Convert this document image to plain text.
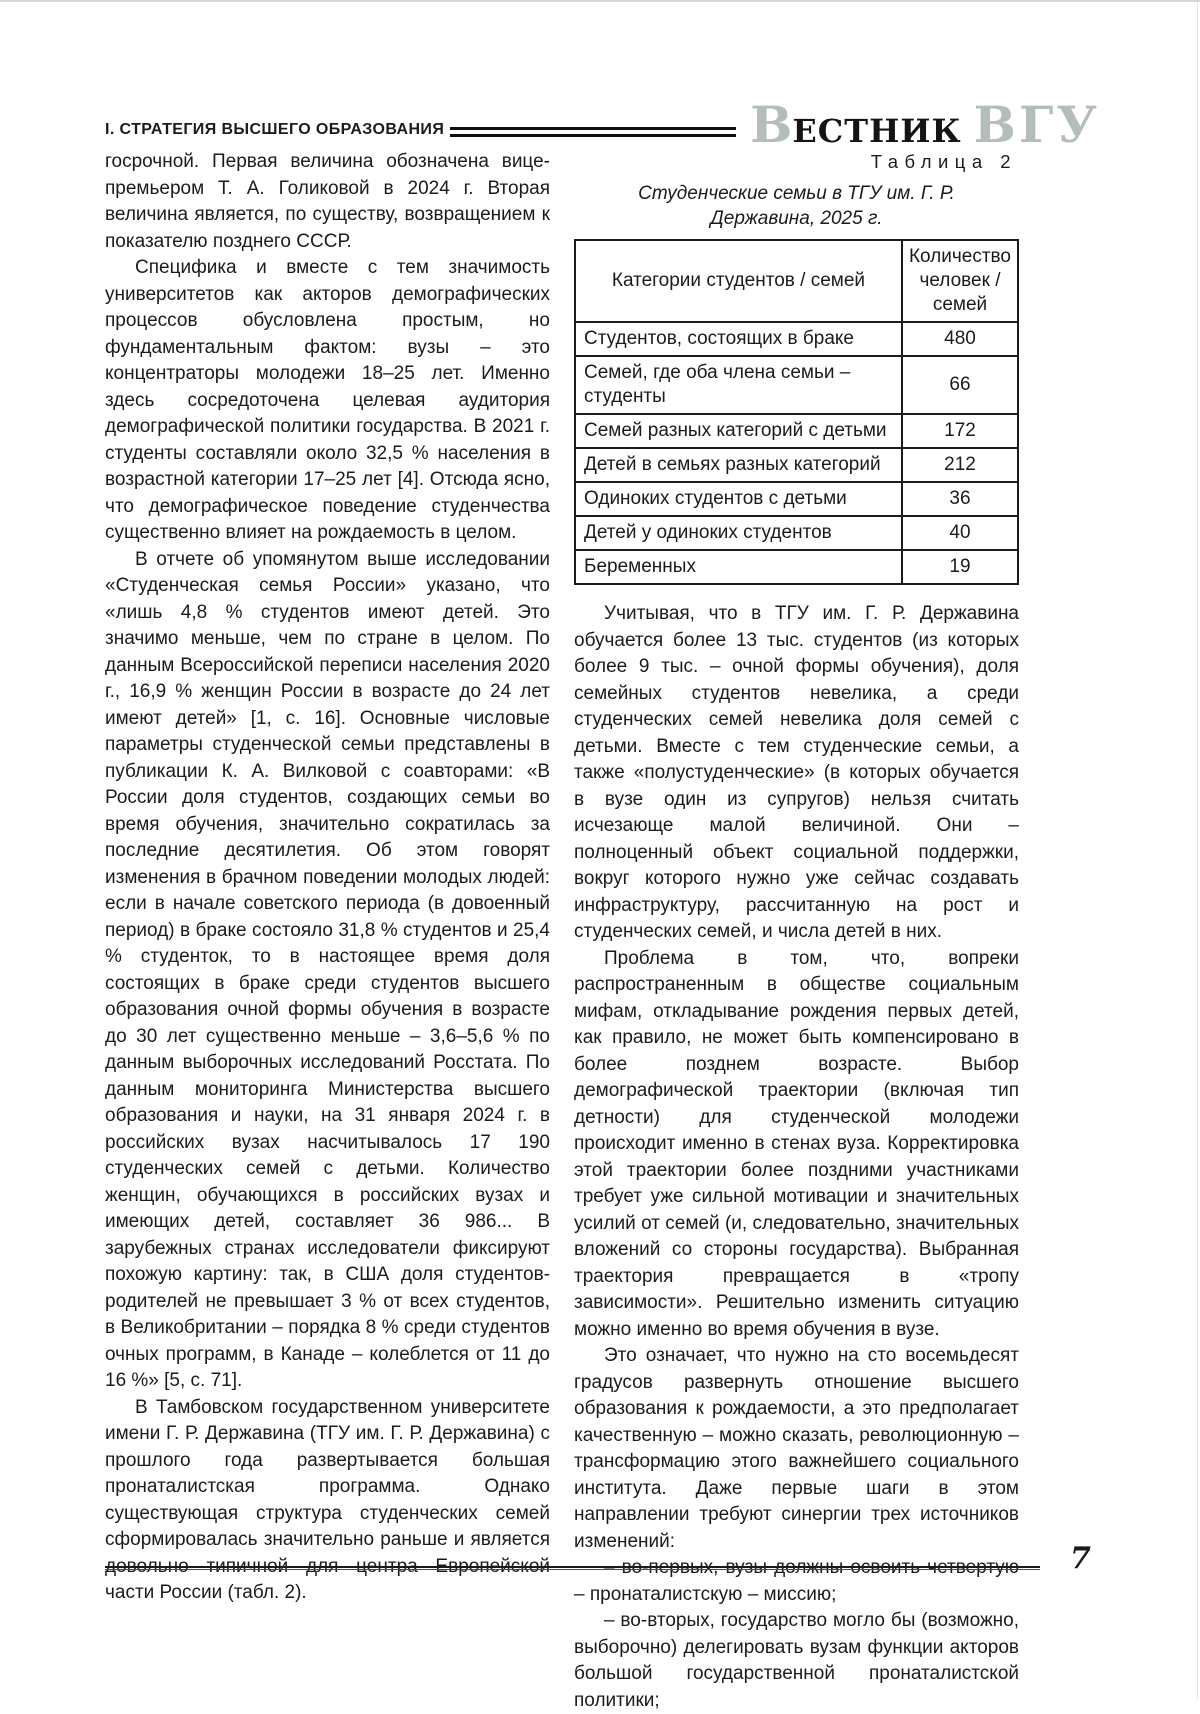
I. СТРАТЕГИЯ ВЫСШЕГО ОБРАЗОВАНИЯ	ВЕСТНИК ВГУ

госрочной. Первая величина обозначена вице-премьером Т. А. Голиковой в 2024 г. Вторая величина является, по существу, возвращением к показателю позднего СССР.

Специфика и вместе с тем значимость университетов как акторов демографических процессов обусловлена простым, но фундаментальным фактом: вузы – это концентраторы молодежи 18–25 лет. Именно здесь сосредоточена целевая аудитория демографической политики государства. В 2021 г. студенты составляли около 32,5 % населения в возрастной категории 17–25 лет [4]. Отсюда ясно, что демографическое поведение студенчества существенно влияет на рождаемость в целом.

В отчете об упомянутом выше исследовании «Студенческая семья России» указано, что «лишь 4,8 % студентов имеют детей. Это значимо меньше, чем по стране в целом. По данным Всероссийской переписи населения 2020 г., 16,9 % женщин России в возрасте до 24 лет имеют детей» [1, с. 16]. Основные числовые параметры студенческой семьи представлены в публикации К. А. Вилковой с соавторами: «В России доля студентов, создающих семьи во время обучения, значительно сократилась за последние десятилетия. Об этом говорят изменения в брачном поведении молодых людей: если в начале советского периода (в довоенный период) в браке состояло 31,8 % студентов и 25,4 % студенток, то в настоящее время доля состоящих в браке среди студентов высшего образования очной формы обучения в возрасте до 30 лет существенно меньше – 3,6–5,6 % по данным выборочных исследований Росстата. По данным мониторинга Министерства высшего образования и науки, на 31 января 2024 г. в российских вузах насчитывалось 17 190 студенческих семей с детьми. Количество женщин, обучающихся в российских вузах и имеющих детей, составляет 36 986... В зарубежных странах исследователи фиксируют похожую картину: так, в США доля студентов-родителей не превышает 3 % от всех студентов, в Великобритании – порядка 8 % среди студентов очных программ, в Канаде – колеблется от 11 до 16 %» [5, с. 71].

В Тамбовском государственном университете имени Г. Р. Державина (ТГУ им. Г. Р. Державина) с прошлого года развертывается большая пронаталистская программа. Однако существующая структура студенческих семей сформировалась значительно раньше и является довольно типичной для центра Европейской части России (табл. 2).

Таблица 2
Студенческие семьи в ТГУ им. Г. Р. Державина, 2025 г.
Категории студентов / семей	Количество человек / семей
Студентов, состоящих в браке	480
Семей, где оба члена семьи – студенты	66
Семей разных категорий с детьми	172
Детей в семьях разных категорий	212
Одиноких студентов с детьми	36
Детей у одиноких студентов	40
Беременных	19

Учитывая, что в ТГУ им. Г. Р. Державина обучается более 13 тыс. студентов (из которых более 9 тыс. – очной формы обучения), доля семейных студентов невелика, а среди студенческих семей невелика доля семей с детьми. Вместе с тем студенческие семьи, а также «полустуденческие» (в которых обучается в вузе один из супругов) нельзя считать исчезающе малой величиной. Они – полноценный объект социальной поддержки, вокруг которого нужно уже сейчас создавать инфраструктуру, рассчитанную на рост и студенческих семей, и числа детей в них.

Проблема в том, что, вопреки распространенным в обществе социальным мифам, откладывание рождения первых детей, как правило, не может быть компенсировано в более позднем возрасте. Выбор демографической траектории (включая тип детности) для студенческой молодежи происходит именно в стенах вуза. Корректировка этой траектории более поздними участниками требует уже сильной мотивации и значительных усилий от семей (и, следовательно, значительных вложений со стороны государства). Выбранная траектория превращается в «тропу зависимости». Решительно изменить ситуацию можно именно во время обучения в вузе.

Это означает, что нужно на сто восемьдесят градусов развернуть отношение высшего образования к рождаемости, а это предполагает качественную – можно сказать, революционную – трансформацию этого важнейшего социального института. Даже первые шаги в этом направлении требуют синергии трех источников изменений:

– во-первых, вузы должны освоить четвертую – пронаталистскую – миссию;

– во-вторых, государство могло бы (возможно, выборочно) делегировать вузам функции акторов большой государственной пронаталистской политики;

7
